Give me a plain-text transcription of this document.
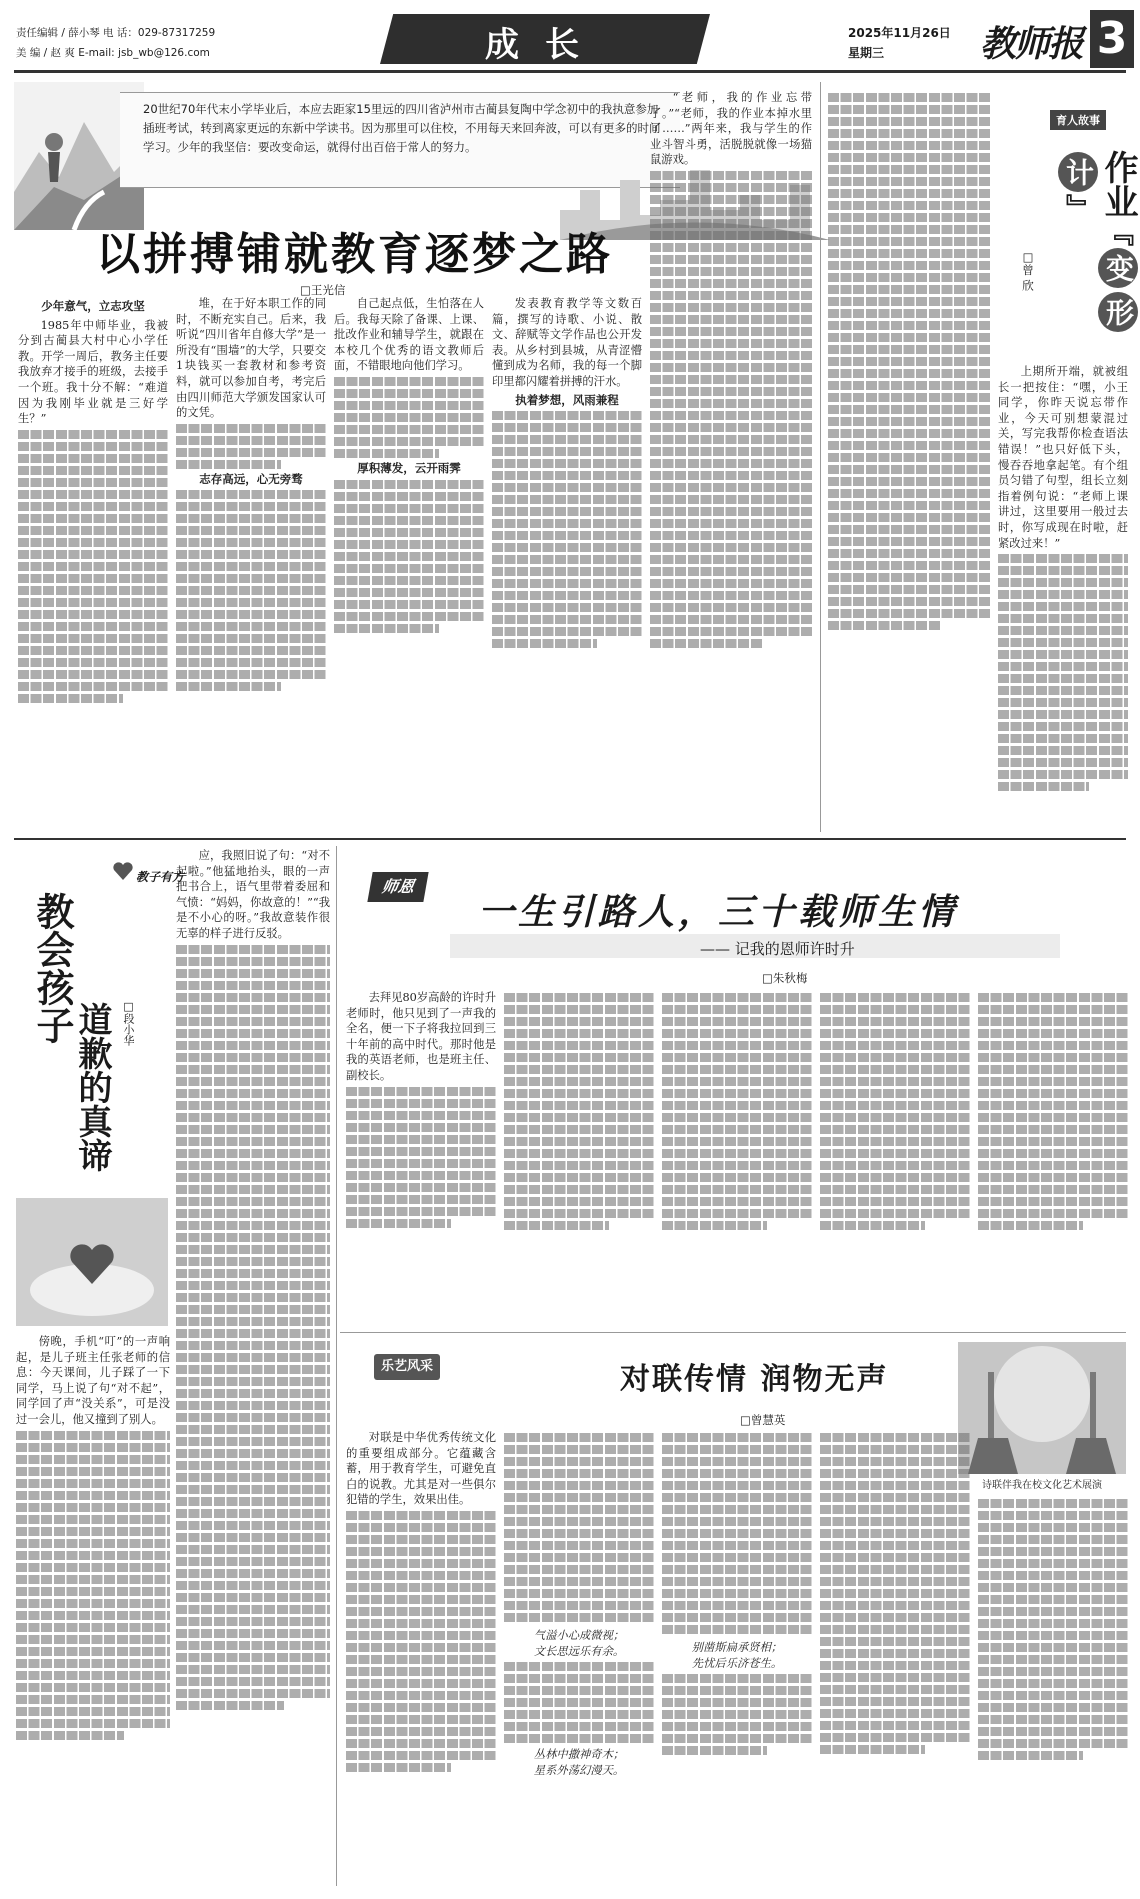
责任编辑 / 薛小琴 电 话：029-87317259
美 编 / 赵 爽 E-mail: jsb_wb@126.com	成长	2025年11月26日
星期三	教师报 3
20世纪70年代末小学毕业后，本应去距家15里远的四川省泸州市古蔺县复陶中学念初中的我执意参加插班考试，转到离家更远的东新中学读书。因为那里可以住校，不用每天来回奔波，可以有更多的时间学习。少年的我坚信：要改变命运，就得付出百倍于常人的努力。
以拼搏铺就教育逐梦之路
□王光信

少年意气，立志攻坚

1985年中师毕业，我被分到古蔺县大村中心小学任教。开学一周后，教务主任要我放弃才接手的班级，去接手一个班。我十分不解：“难道因为我刚毕业就是三好学生？”

堆，在于好本职工作的同时，不断充实自己。后来，我听说“四川省年自修大学”是一所没有“围墙”的大学，只要交1块钱买一套教材和参考资料，就可以参加自考，考完后由四川师范大学颁发国家认可的文凭。

志存高远，心无旁骛

自己起点低，生怕落在人后。我每天除了备课、上课、批改作业和辅导学生，就跟在本校几个优秀的语文教师后面，不错眼地向他们学习。

厚积薄发，云开雨霁

发表教育教学等文数百篇，撰写的诗歌、小说、散文、辞赋等文学作品也公开发表。从乡村到县城，从青涩懵懂到成为名师，我的每一个脚印里都闪耀着拼搏的汗水。

执着梦想，风雨兼程

“老师，我的作业忘带了。”“老师，我的作业本掉水里了……”两年来，我与学生的作业斗智斗勇，活脱脱就像一场猫鼠游戏。

育人故事
作业『变形计』
□曾 欣

上期所开端，就被组长一把按住：“嘿，小王同学，你昨天说忘带作业，今天可别想蒙混过关，写完我帮你检查语法错误！”也只好低下头，慢吞吞地拿起笔。有个组员匀错了句型，组长立刻指着例句说：“老师上课讲过，这里要用一般过去时，你写成现在时啦，赶紧改过来！”

教子有方
教会孩子
道歉的真谛 □段小华

傍晚，手机“叮”的一声响起，是儿子班主任张老师的信息：今天课间，儿子踩了一下同学，马上说了句“对不起”，同学回了声“没关系”，可是没过一会儿，他又撞到了别人。

应，我照旧说了句：“对不起啦。”他猛地抬头，眼的一声把书合上，语气里带着委屈和气愤：“妈妈，你故意的！”“我是不小心的呀。”我故意装作很无辜的样子进行反驳。

师恩
一生引路人，三十载师生情
—— 记我的恩师许时升
□朱秋梅

去拜见80岁高龄的许时升老师时，他只见到了一声我的全名，便一下子将我拉回到三十年前的高中时代。那时他是我的英语老师，也是班主任、副校长。

乐艺风采	对联传情 润物无声
□曾慧英
诗联伴我在校文化艺术展演

对联是中华优秀传统文化的重要组成部分。它蕴藏含蓄，用于教育学生，可避免直白的说教。尤其是对一些俱尔犯错的学生，效果出佳。

气溢小心成微视；
文长思远乐有余。
丛林中撒神奇木；
星系外荡幻漫天。
别凿斯扁承贤相；
先忧后乐济苍生。
